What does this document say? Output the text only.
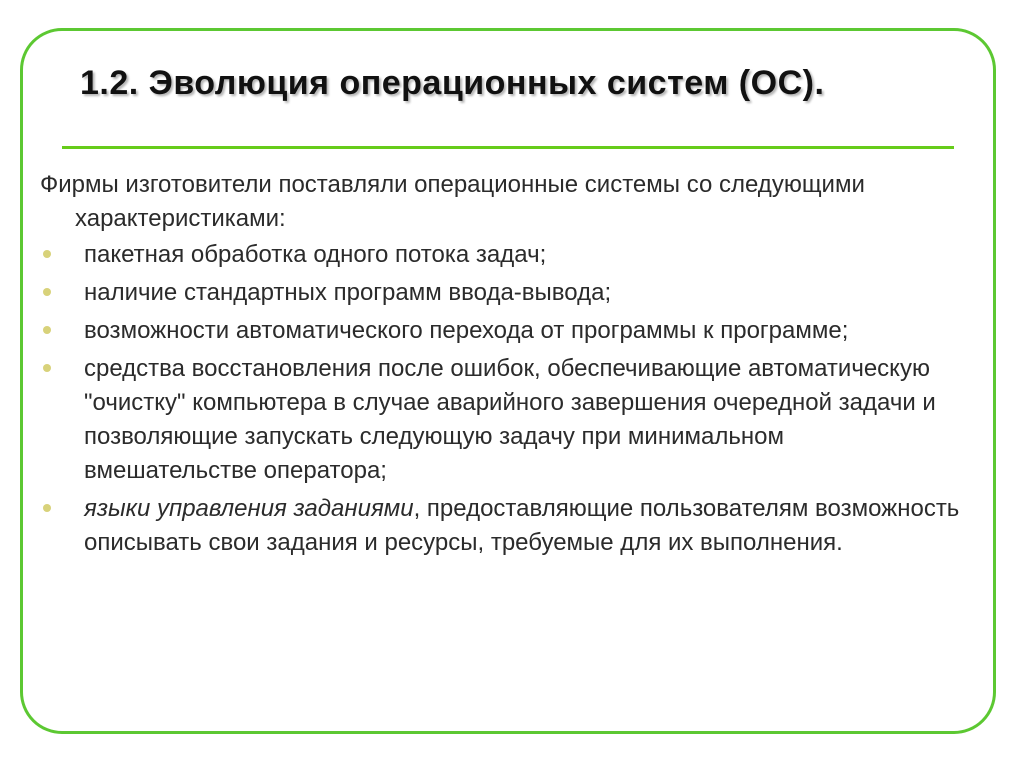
1.2. Эволюция операционных систем (ОС).

Фирмы изготовители поставляли операционные системы со следующими характеристиками:

пакетная обработка одного потока задач;
наличие стандартных программ ввода-вывода;
возможности автоматического перехода от программы к программе;
средства восстановления после ошибок, обеспечивающие автоматическую "очистку" компьютера в случае аварийного завершения очередной задачи и позволяющие запускать следующую задачу при минимальном вмешательстве оператора;
языки управления заданиями, предоставляющие пользователям возможность описывать свои задания и ресурсы, требуемые для их выполнения.
